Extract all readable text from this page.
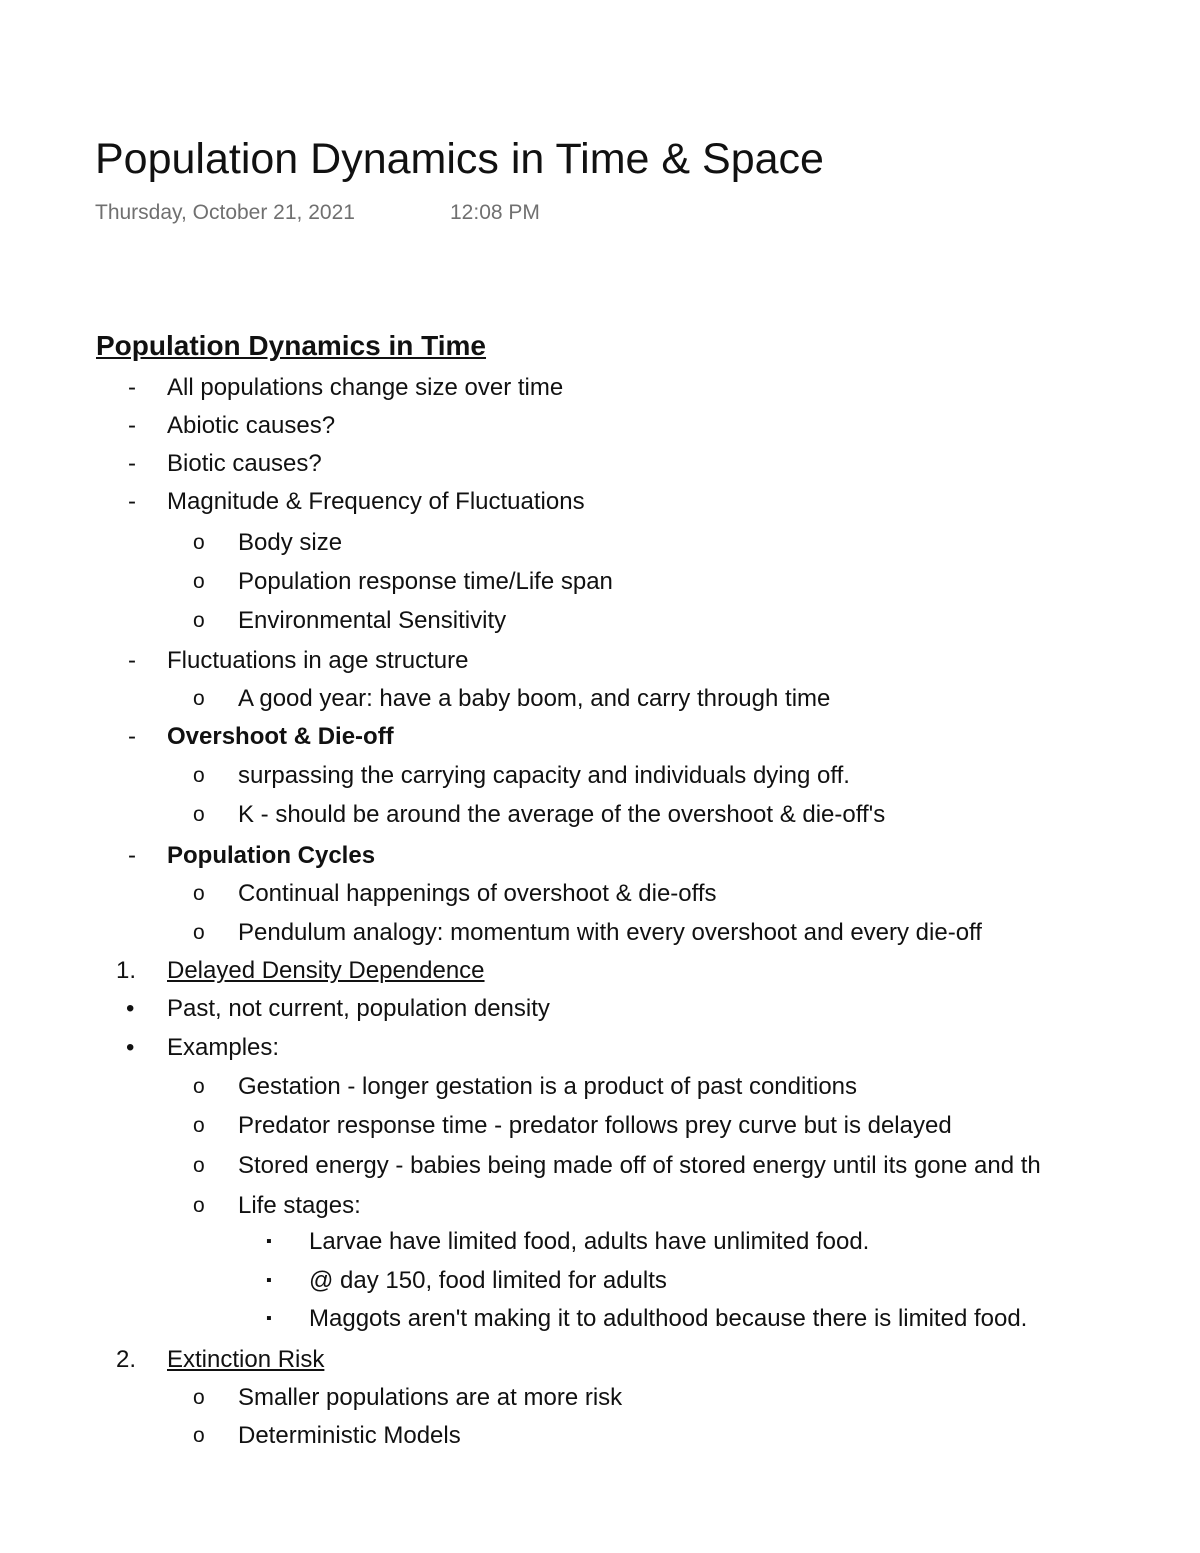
Population Dynamics in Time & Space
Thursday, October 21, 2021	12:08 PM
Population Dynamics in Time
- All populations change size over time
- Abiotic causes?
- Biotic causes?
- Magnitude & Frequency of Fluctuations
o Body size
o Population response time/Life span
o Environmental Sensitivity
- Fluctuations in age structure
o A good year: have a baby boom, and carry through time
- Overshoot & Die-off
o surpassing the carrying capacity and individuals dying off.
o K - should be around the average of the overshoot & die-off's
- Population Cycles
o Continual happenings of overshoot & die-offs
o Pendulum analogy: momentum with every overshoot and every die-off
1. Delayed Density Dependence
• Past, not current, population density
• Examples:
o Gestation - longer gestation is a product of past conditions
o Predator response time - predator follows prey curve but is delayed
o Stored energy - babies being made off of stored energy until its gone and th
o Life stages:
▪ Larvae have limited food, adults have unlimited food.
▪ @ day 150, food limited for adults
▪ Maggots aren't making it to adulthood because there is limited food.
2. Extinction Risk
o Smaller populations are at more risk
o Deterministic Models
